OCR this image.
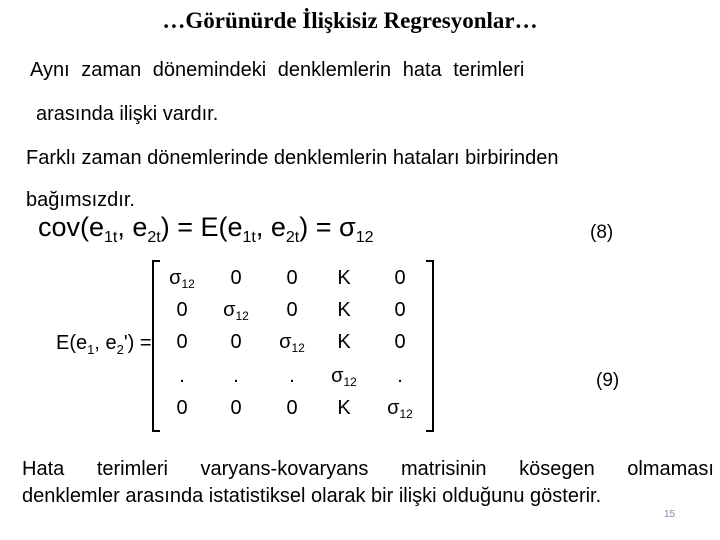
…Görünürde İlişkisiz Regresyonlar…
Aynı zaman dönemindeki denklemlerin hata terimleri
arasında ilişki vardır.
Farklı zaman dönemlerinde denklemlerin hataları birbirinden
bağımsızdır.
$cov(e_{1t}$, $e_{2t}) = E(e_{1t}$, $e_{2t}) = \sigma_{12}$	(8)
$E(e_1$, $e_2'$) =
$\sigma_{12}$	0	0	K	0
0	$\sigma_{12}$	0	K	0
0	0	$\sigma_{12}$	K	0
.	.	.	$\sigma_{12}$	.
0	0	0	K	$\sigma_{12}$
(9)
Hata terimleri varyans-kovaryans matrisinin kösegen olmaması
denklemler arasında istatistiksel olarak bir ilişki olduğunu gösterir.
15
